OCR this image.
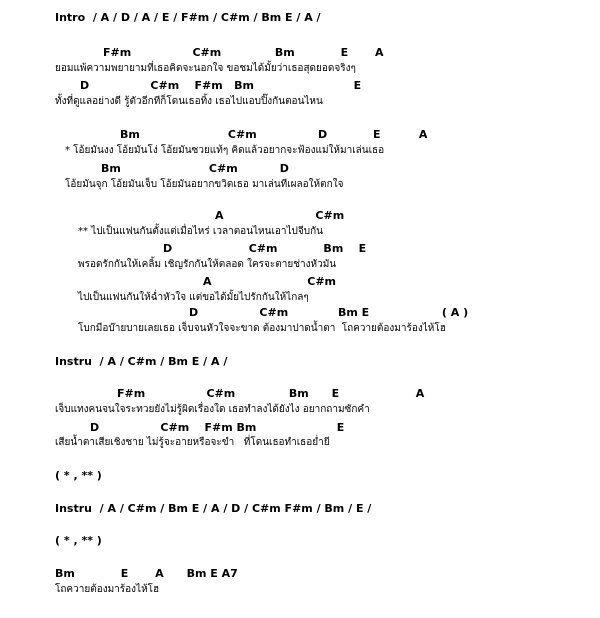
Intro  / A / D / A / E / F#m / C#m / Bm E / A /
F#m                C#m              Bm            E       A
ยอมแพ้ความพยายามที่เธอคิดจะนอกใจ ขอชมได้มั้ยว่าเธอสุดยอดจริงๆ
D                C#m    F#m   Bm                          E
ทั้งที่ดูแลอย่างดี รู้ตัวอีกทีก็โดนเธอทิ้ง เธอไปแอบปิ๊งกันตอนไหน
Bm                       C#m                D            E          A
* โอ้ยมันงง โอ้ยมันโง่ โอ้ยมันซวยแท้ๆ คิดแล้วอยากจะฟ้องแม่ให้มาเล่นเธอ
Bm                       C#m           D
โอ้ยมันจุก โอ้ยมันเจ็บ โอ้ยมันอยากขวิดเธอ มาเล่นทีเผลอให้ตกใจ
A                        C#m
** ไปเป็นแฟนกันตั้งแต่เมื่อไหร่ เวลาตอนไหนเอาไปจีบกัน
D                    C#m            Bm    E
พรอดรักกันให้เคลิ้ม เชิญรักกันให้ตลอด ใครจะตายช่างหัวมัน
A                         C#m
ไปเป็นแฟนกันให้ฉ่ำหัวใจ แต่ขอได้มั้ยไปรักกันให้ไกลๆ
D                C#m             Bm E                   ( A )
โบกมือบ๊ายบายเลยเธอ เจ็บจนหัวใจจะขาด ต้องมาปาดน้ำตา  โถควายต้องมาร้องไห้โฮ
Instru  / A / C#m / Bm E / A /
F#m                C#m              Bm      E                    A
เจ็บแทงคนจนใจระทวยยังไม่รู้ผิดเรื่องใด เธอทำลงได้ยังไง อยากถามซักคำ
D                C#m    F#m Bm                     E
เสียน้ำตาเสียเชิงชาย ไม่รู้จะอายหรือจะขำ   ที่โดนเธอทำเธอย่ำยี
( * , ** )
Instru  / A / C#m / Bm E / A / D / C#m F#m / Bm / E /
( * , ** )
Bm            E       A      Bm E A7
โถควายต้องมาร้องไห้โฮ
